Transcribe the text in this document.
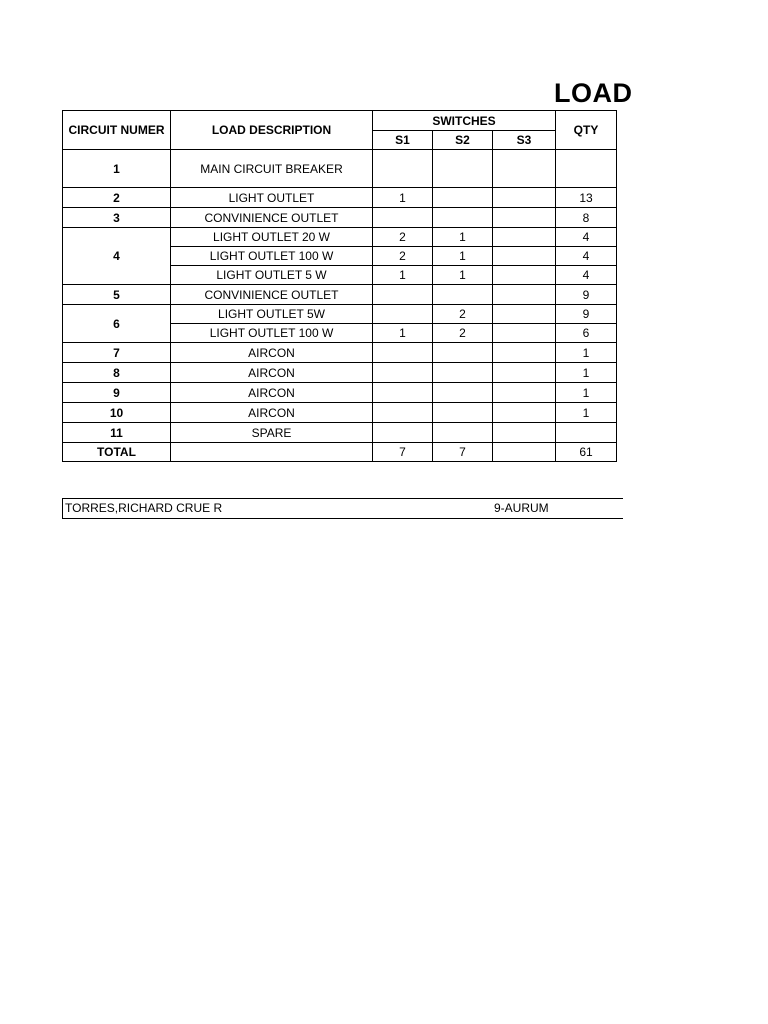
LOAD
CIRCUIT NUMER	LOAD DESCRIPTION	SWITCHES			QTY
		S1	S2	S3	
1	MAIN CIRCUIT BREAKER				
2	LIGHT OUTLET	1			13
3	CONVINIENCE OUTLET				8
4	LIGHT OUTLET 20 W	2	1		4
	LIGHT OUTLET 100 W	2	1		4
	LIGHT OUTLET 5 W	1	1		4
5	CONVINIENCE OUTLET				9
6	LIGHT OUTLET 5W		2		9
	LIGHT OUTLET 100 W	1	2		6
7	AIRCON				1
8	AIRCON				1
9	AIRCON				1
10	AIRCON				1
11	SPARE				
TOTAL		7	7		61
TORRES,RICHARD CRUE R	9-AURUM
